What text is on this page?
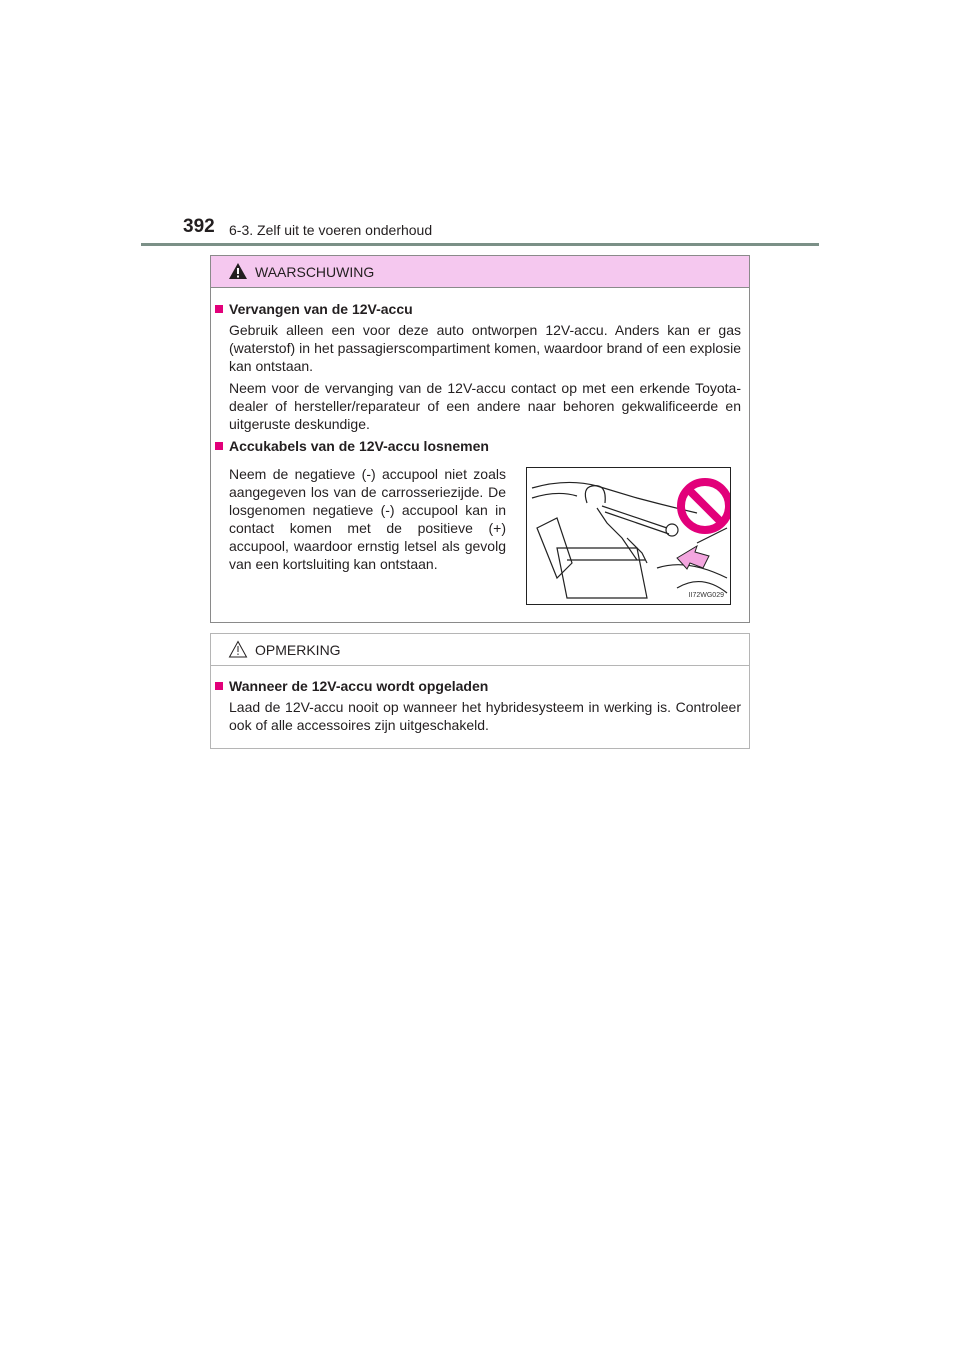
392 6-3. Zelf uit te voeren onderhoud
WAARSCHUWING
Vervangen van de 12V-accu
Gebruik alleen een voor deze auto ontworpen 12V-accu. Anders kan er gas (waterstof) in het passagierscompartiment komen, waardoor brand of een explosie kan ontstaan.
Neem voor de vervanging van de 12V-accu contact op met een erkende Toyota-dealer of hersteller/reparateur of een andere naar behoren gekwalificeerde en uitgeruste deskundige.
Accukabels van de 12V-accu losnemen
Neem de negatieve (-) accupool niet zoals aangegeven los van de carrosseriezijde. De losgenomen negatieve (-) accupool kan in contact komen met de positieve (+) accupool, waardoor ernstig letsel als gevolg van een kortsluiting kan ontstaan.
II72WG029
OPMERKING
Wanneer de 12V-accu wordt opgeladen
Laad de 12V-accu nooit op wanneer het hybridesysteem in werking is. Controleer ook of alle accessoires zijn uitgeschakeld.
